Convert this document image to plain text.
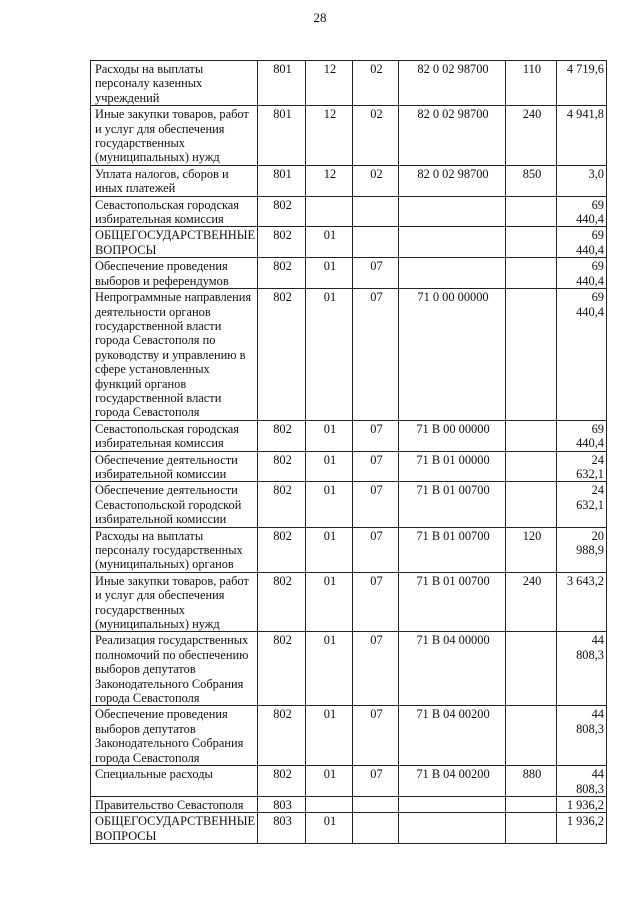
28
Расходы на выплаты персоналу казенных учреждений	801	12	02	82 0 02 98700	110	4 719,6
Иные закупки товаров, работ и услуг для обеспечения государственных (муниципальных) нужд	801	12	02	82 0 02 98700	240	4 941,8
Уплата налогов, сборов и иных платежей	801	12	02	82 0 02 98700	850	3,0
Севастопольская городская избирательная комиссия	802					69 440,4
ОБЩЕГОСУДАРСТВЕННЫЕ ВОПРОСЫ	802	01				69 440,4
Обеспечение проведения выборов и референдумов	802	01	07			69 440,4
Непрограммные направления деятельности органов государственной власти города Севастополя по руководству и управлению в сфере установленных функций органов государственной власти города Севастополя	802	01	07	71 0 00 00000		69 440,4
Севастопольская городская избирательная комиссия	802	01	07	71 В 00 00000		69 440,4
Обеспечение деятельности избирательной комиссии	802	01	07	71 В 01 00000		24 632,1
Обеспечение деятельности Севастопольской городской избирательной комиссии	802	01	07	71 В 01 00700		24 632,1
Расходы на выплаты персоналу государственных (муниципальных) органов	802	01	07	71 В 01 00700	120	20 988,9
Иные закупки товаров, работ и услуг для обеспечения государственных (муниципальных) нужд	802	01	07	71 В 01 00700	240	3 643,2
Реализация государственных полномочий по обеспечению выборов депутатов Законодательного Собрания города Севастополя	802	01	07	71 В 04 00000		44 808,3
Обеспечение проведения выборов депутатов Законодательного Собрания города Севастополя	802	01	07	71 В 04 00200		44 808,3
Специальные расходы	802	01	07	71 В 04 00200	880	44 808,3
Правительство Севастополя	803					1 936,2
ОБЩЕГОСУДАРСТВЕННЫЕ ВОПРОСЫ	803	01				1 936,2
